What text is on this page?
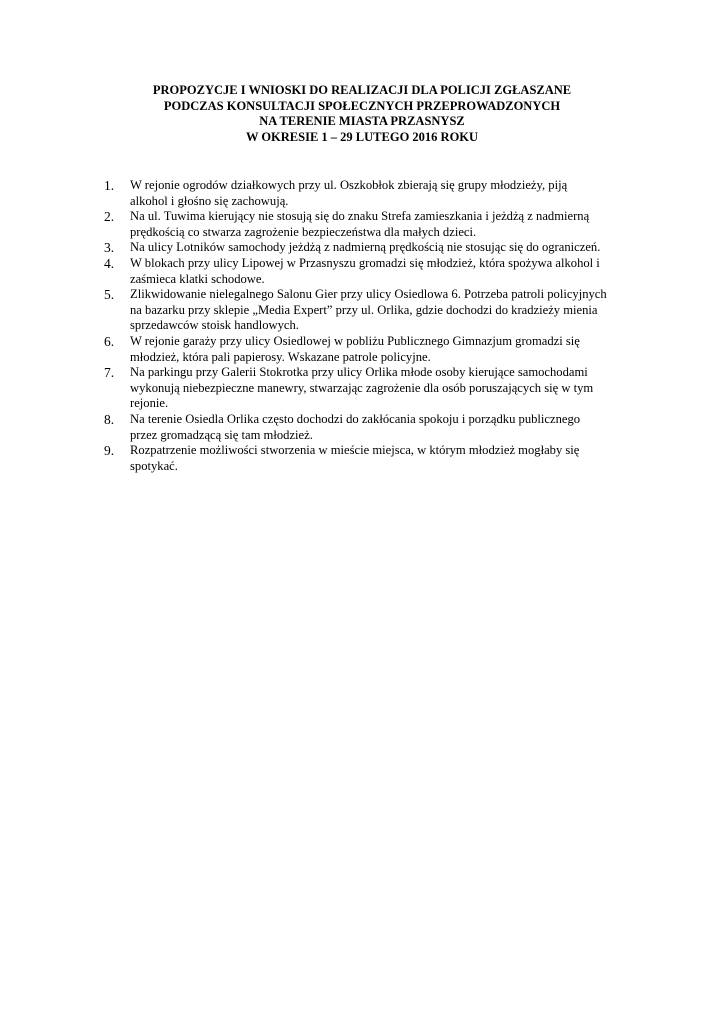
PROPOZYCJE I WNIOSKI DO REALIZACJI DLA POLICJI ZGŁASZANE
PODCZAS KONSULTACJI SPOŁECZNYCH PRZEPROWADZONYCH
NA TERENIE MIASTA PRZASNYSZ
W OKRESIE 1 – 29 LUTEGO 2016 ROKU
1. W rejonie ogrodów działkowych przy ul. Oszkobłok zbierają się grupy młodzieży, piją
alkohol i głośno się zachowują.
2. Na ul. Tuwima kierujący nie stosują się do znaku Strefa zamieszkania i jeżdżą z nadmierną
prędkością co stwarza zagrożenie bezpieczeństwa dla małych dzieci.
3. Na ulicy Lotników samochody jeżdżą z nadmierną prędkością nie stosując się do ograniczeń.
4. W blokach przy ulicy Lipowej w Przasnyszu gromadzi się młodzież, która spożywa alkohol i
zaśmieca klatki schodowe.
5. Zlikwidowanie nielegalnego Salonu Gier przy ulicy Osiedlowa 6. Potrzeba patroli policyjnych
na bazarku przy sklepie „Media Expert” przy ul. Orlika, gdzie dochodzi do kradzieży mienia
sprzedawców stoisk handlowych.
6. W rejonie garaży przy ulicy Osiedlowej w pobliżu Publicznego Gimnazjum gromadzi się
młodzież, która pali papierosy. Wskazane patrole policyjne.
7. Na parkingu przy Galerii Stokrotka przy ulicy Orlika młode osoby kierujące samochodami
wykonują niebezpieczne manewry, stwarzając zagrożenie dla osób poruszających się w tym
rejonie.
8. Na terenie Osiedla Orlika często dochodzi do zakłócania spokoju i porządku publicznego
przez gromadzącą się tam młodzież.
9. Rozpatrzenie możliwości stworzenia w mieście miejsca, w którym młodzież mogłaby się
spotykać.
